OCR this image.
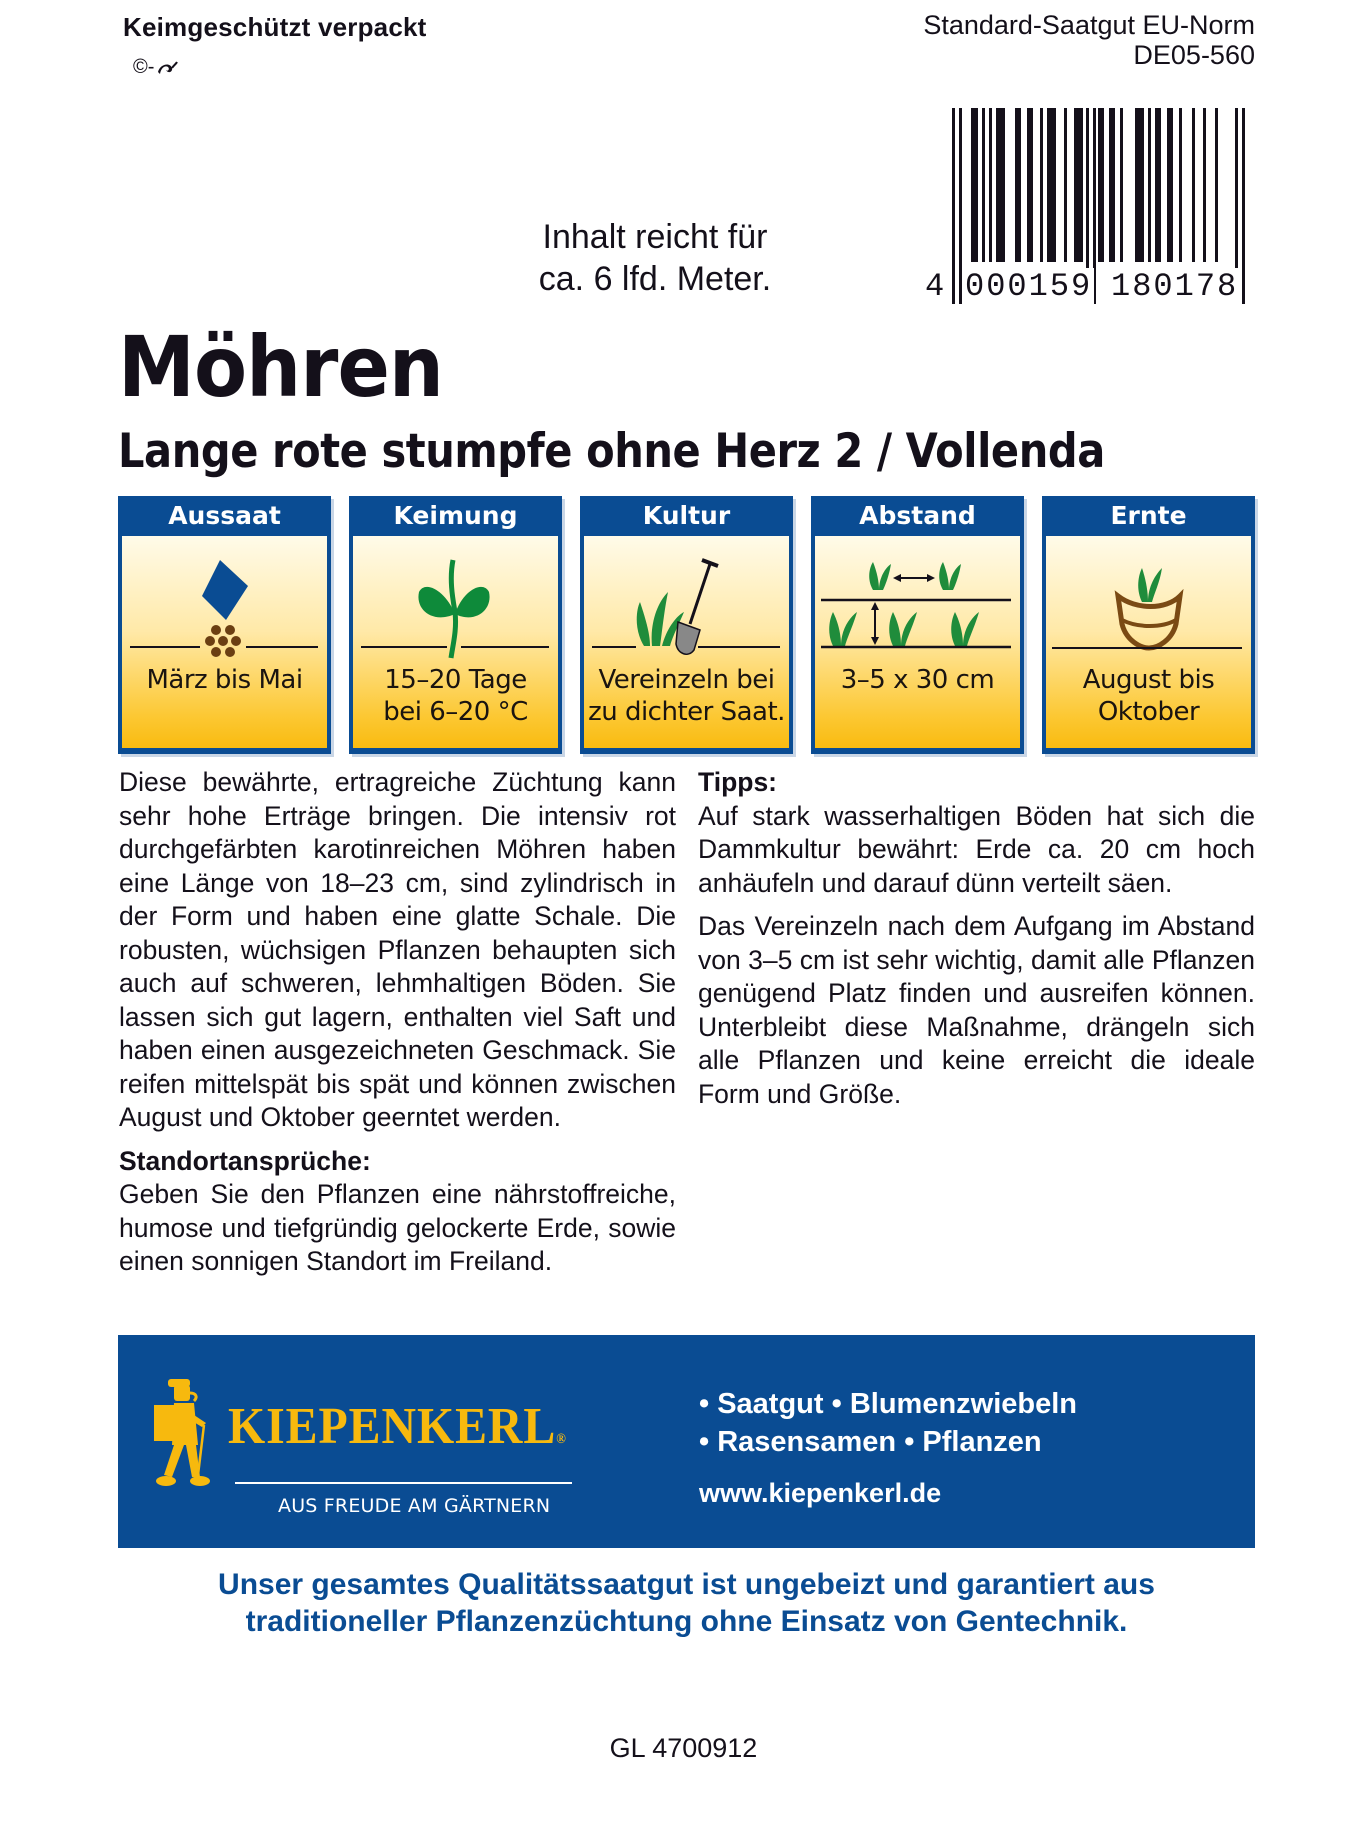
Keimgeschützt verpackt
©-
Standard-Saatgut EU-Norm
DE05-560
4 000159 180178
Inhalt reicht für
ca. 6 lfd. Meter.
Möhren
Lange rote stumpfe ohne Herz 2 / Vollenda
Aussaat
März bis Mai
Keimung
15–20 Tage
bei 6–20 °C
Kultur
Vereinzeln bei
zu dichter Saat.
Abstand
3–5 x 30 cm
Ernte
August bis
Oktober

Diese bewährte, ertragreiche Züchtung kann sehr hohe Erträge bringen. Die intensiv rot durchgefärbten karotinreichen Möhren haben eine Länge von 18–23 cm, sind zylindrisch in der Form und haben eine glatte Schale. Die robusten, wüchsigen Pflanzen behaupten sich auch auf schweren, lehmhaltigen Böden. Sie lassen sich gut lagern, enthalten viel Saft und haben einen ausgezeichneten Geschmack. Sie reifen mittelspät bis spät und können zwischen August und Oktober geerntet werden.

Standortansprüche:

Geben Sie den Pflanzen eine nährstoffreiche, humose und tiefgründig gelockerte Erde, sowie einen sonnigen Standort im Freiland.

Tipps:

Auf stark wasserhaltigen Böden hat sich die Dammkultur bewährt: Erde ca. 20 cm hoch anhäufeln und darauf dünn verteilt säen.

Das Vereinzeln nach dem Aufgang im Abstand von 3–5 cm ist sehr wichtig, damit alle Pflanzen genügend Platz finden und ausreifen können. Unterbleibt diese Maßnahme, drängeln sich alle Pflanzen und keine erreicht die ideale Form und Größe.

KIEPENKERL®
AUS FREUDE AM GÄRTNERN
• Saatgut • Blumenzwiebeln
• Rasensamen • Pflanzen
www.kiepenkerl.de
Unser gesamtes Qualitätssaatgut ist ungebeizt und garantiert aus
traditioneller Pflanzenzüchtung ohne Einsatz von Gentechnik.
GL 4700912
